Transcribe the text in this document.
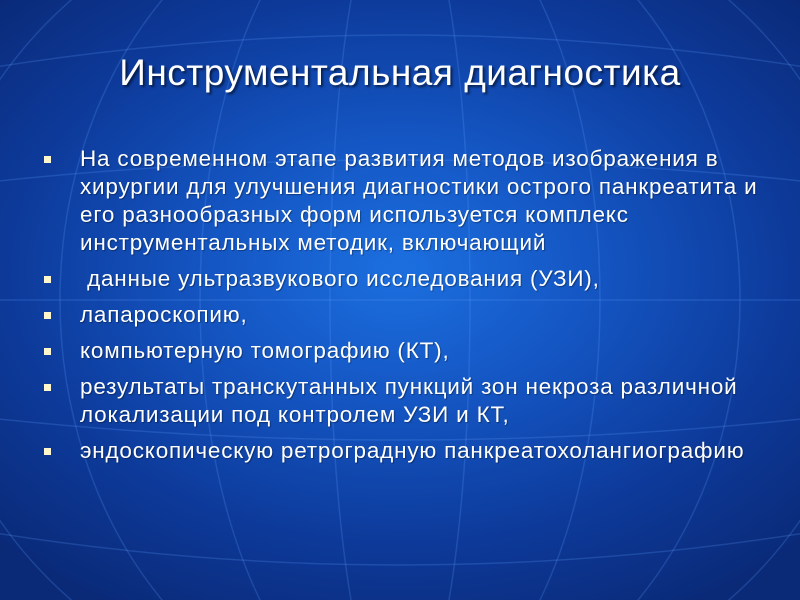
Инструментальная диагностика
На современном этапе развития методов изображения в хирургии для улучшения диагностики острого панкреатита и его разнообразных форм используется комплекс инструментальных методик, включающий
данные ультразвукового исследования (УЗИ),
лапароскопию,
компьютерную томографию (КТ),
результаты транскутанных пункций зон некроза различной локализации под контролем УЗИ и КТ,
эндоскопическую ретроградную панкреатохолангиографию
